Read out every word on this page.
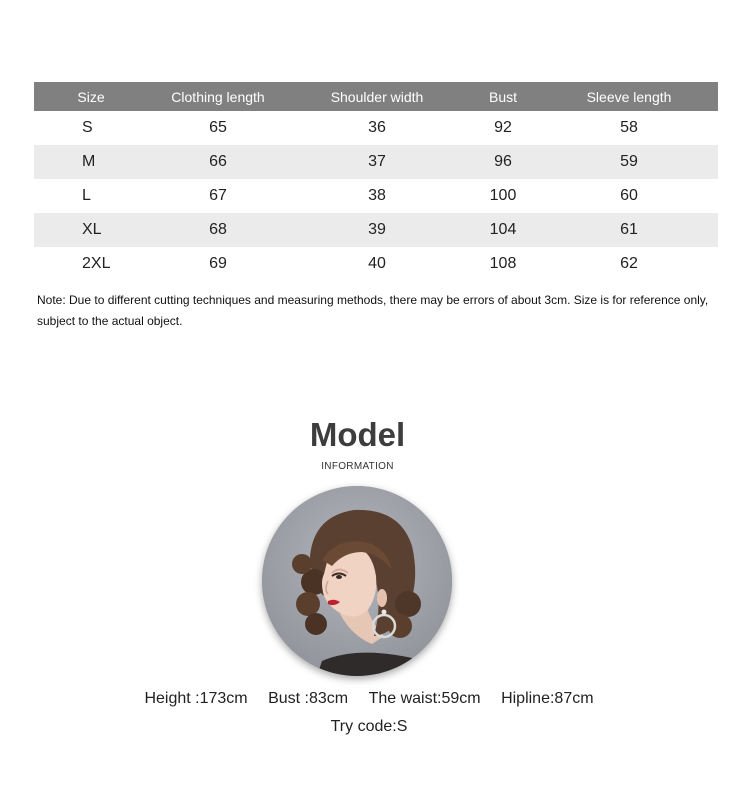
Size	Clothing length	Shoulder width	Bust	Sleeve length
S	65	36	92	58
M	66	37	96	59
L	67	38	100	60
XL	68	39	104	61
2XL	69	40	108	62
Note: Due to different cutting techniques and measuring methods, there may be errors of about 3cm. Size is for reference only, subject to the actual object.
Model
INFORMATION
Height :173cm Bust :83cm The waist:59cm Hipline:87cm
Try code:S
